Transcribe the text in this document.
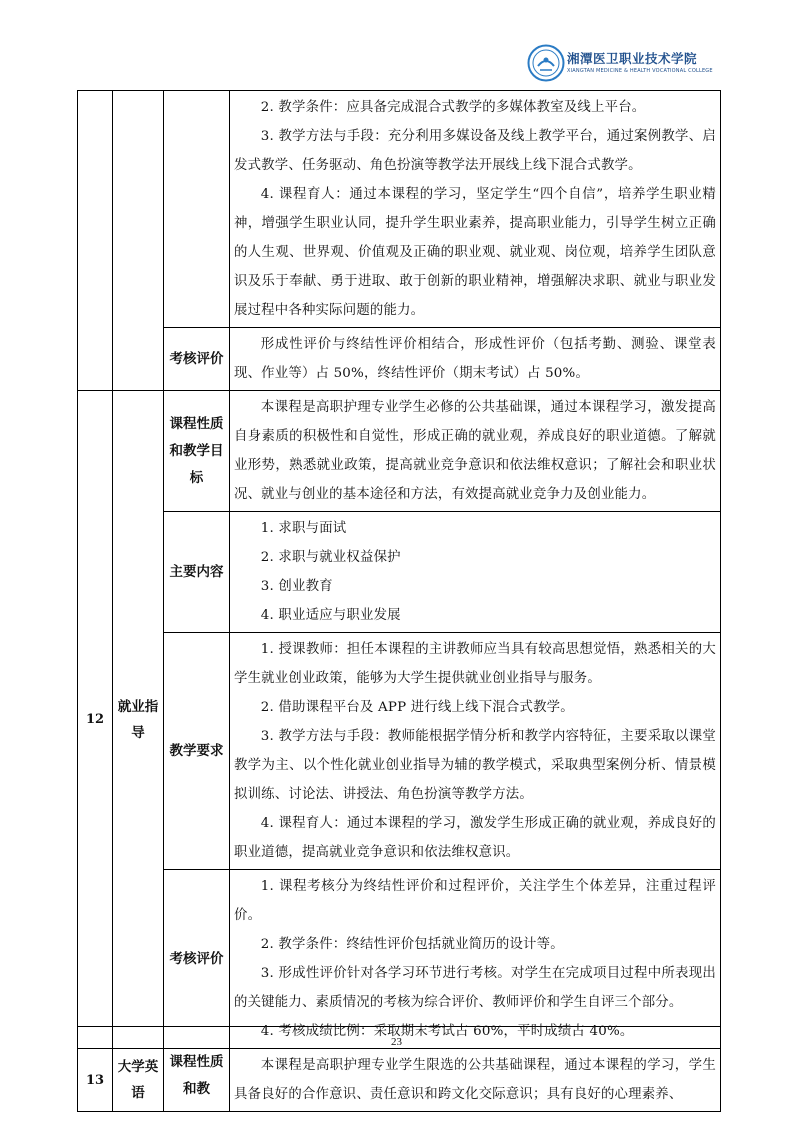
湘潭医卫职业技术学院
XIANGTAN MEDICINE & HEALTH VOCATIONAL COLLEGE

			2. 教学条件：应具备完成混合式教学的多媒体教室及线上平台。

3. 教学方法与手段：充分利用多媒设备及线上教学平台，通过案例教学、启发式教学、任务驱动、角色扮演等教学法开展线上线下混合式教学。

4. 课程育人：通过本课程的学习，坚定学生“四个自信”，培养学生职业精神，增强学生职业认同，提升学生职业素养，提高职业能力，引导学生树立正确的人生观、世界观、价值观及正确的职业观、就业观、岗位观，培养学生团队意识及乐于奉献、勇于进取、敢于创新的职业精神，增强解决求职、就业与职业发展过程中各种实际问题的能力。

		考核评价	形成性评价与终结性评价相结合，形成性评价（包括考勤、测验、课堂表现、作业等）占 50%，终结性评价（期末考试）占 50%。

12	就业指导	课程性质和教学目标	本课程是高职护理专业学生必修的公共基础课，通过本课程学习，激发提高自身素质的积极性和自觉性，形成正确的就业观，养成良好的职业道德。了解就业形势，熟悉就业政策，提高就业竞争意识和依法维权意识；了解社会和职业状况、就业与创业的基本途径和方法，有效提高就业竞争力及创业能力。

		主要内容	1. 求职与面试

2. 求职与就业权益保护

3. 创业教育

4. 职业适应与职业发展

		教学要求	1. 授课教师：担任本课程的主讲教师应当具有较高思想觉悟，熟悉相关的大学生就业创业政策，能够为大学生提供就业创业指导与服务。

2. 借助课程平台及 APP 进行线上线下混合式教学。

3. 教学方法与手段：教师能根据学情分析和教学内容特征，主要采取以课堂教学为主、以个性化就业创业指导为辅的教学模式，采取典型案例分析、情景模拟训练、讨论法、讲授法、角色扮演等教学方法。

4. 课程育人：通过本课程的学习，激发学生形成正确的就业观，养成良好的职业道德，提高就业竞争意识和依法维权意识。

		考核评价	1. 课程考核分为终结性评价和过程评价，关注学生个体差异，注重过程评价。

2. 教学条件：终结性评价包括就业简历的设计等。

3. 形成性评价针对各学习环节进行考核。对学生在完成项目过程中所表现出的关键能力、素质情况的考核为综合评价、教师评价和学生自评三个部分。

4. 考核成绩比例：采取期末考试占 60%，平时成绩占 40%。

13	大学英语	课程性质和教	本课程是高职护理专业学生限选的公共基础课程，通过本课程的学习，学生具备良好的合作意识、责任意识和跨文化交际意识；具有良好的心理素养、

23
